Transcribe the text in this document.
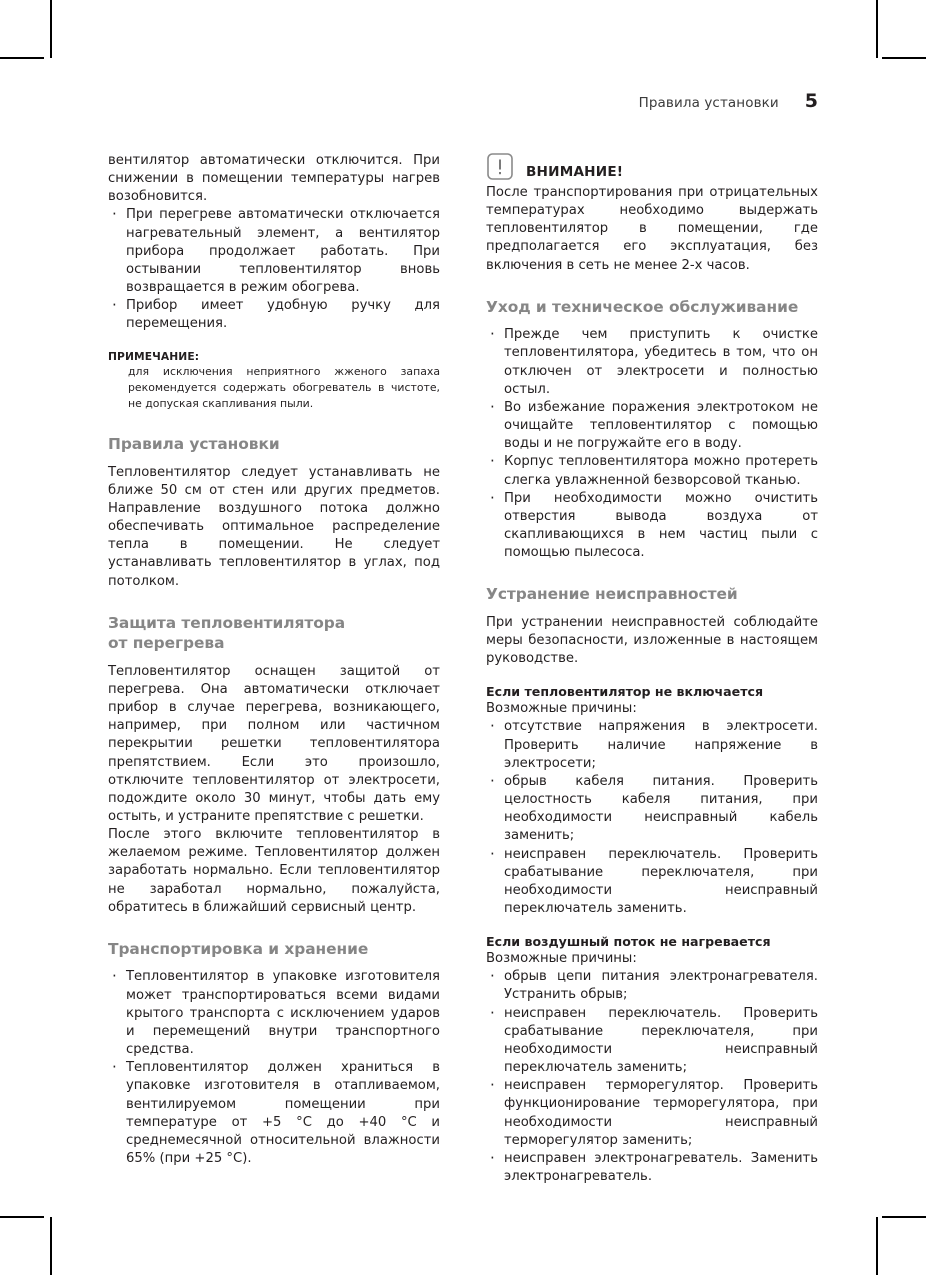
Правила установки 5

вентилятор автоматически отключится. При снижении в помещении температуры нагрев возобновится.

· При перегреве автоматически отключается нагревательный элемент, а вентилятор прибора продолжает работать. При остывании тепловентилятор вновь возвращается в режим обогрева.
· Прибор имеет удобную ручку для перемещения.

ПРИМЕЧАНИЕ:

для исключения неприятного жженого запаха рекомендуется содержать обогреватель в чистоте, не допуская скапливания пыли.

Правила установки

Тепловентилятор следует устанавливать не ближе 50 см от стен или других предметов. Направление воздушного потока должно обеспечивать оптимальное распределение тепла в помещении. Не следует устанавливать тепловентилятор в углах, под потолком.

Защита тепловентилятора
от перегрева

Тепловентилятор оснащен защитой от перегрева. Она автоматически отключает прибор в случае перегрева, возникающего, например, при полном или частичном перекрытии решетки тепловентилятора препятствием. Если это произошло, отключите тепловентилятор от электросети, подождите около 30 минут, чтобы дать ему остыть, и устраните препятствие с решетки.

После этого включите тепловентилятор в желаемом режиме. Тепловентилятор должен заработать нормально. Если тепловентилятор не заработал нормально, пожалуйста, обратитесь в ближайший сервисный центр.

Транспортировка и хранение
· Тепловентилятор в упаковке изготовителя может транспортироваться всеми видами крытого транспорта с исключением ударов и перемещений внутри транспортного средства.
· Тепловентилятор должен храниться в упаковке изготовителя в отапливаемом, вентилируемом помещении при температуре от +5 °C до +40 °C и среднемесячной относительной влажности 65% (при +25 °C).
ВНИМАНИЕ!

После транспортирования при отрицательных температурах необходимо выдержать тепловентилятор в помещении, где предполагается его эксплуатация, без включения в сеть не менее 2-х часов.

Уход и техническое обслуживание
· Прежде чем приступить к очистке тепловентилятора, убедитесь в том, что он отключен от электросети и полностью остыл.
· Во избежание поражения электротоком не очищайте тепловентилятор с помощью воды и не погружайте его в воду.
· Корпус тепловентилятора можно протереть слегка увлажненной безворсовой тканью.
· При необходимости можно очистить отверстия вывода воздуха от скапливающихся в нем частиц пыли с помощью пылесоса.
Устранение неисправностей

При устранении неисправностей соблюдайте меры безопасности, изложенные в настоящем руководстве.

Если тепловентилятор не включается

Возможные причины:

· отсутствие напряжения в электросети. Проверить наличие напряжение в электросети;
· обрыв кабеля питания. Проверить целостность кабеля питания, при необходимости неисправный кабель заменить;
· неисправен переключатель. Проверить срабатывание переключателя, при необходимости неисправный переключатель заменить.
Если воздушный поток не нагревается

Возможные причины:

· обрыв цепи питания электронагревателя. Устранить обрыв;
· неисправен переключатель. Проверить срабатывание переключателя, при необходимости неисправный переключатель заменить;
· неисправен терморегулятор. Проверить функционирование терморегулятора, при необходимости неисправный терморегулятор заменить;
· неисправен электронагреватель. Заменить электронагреватель.
